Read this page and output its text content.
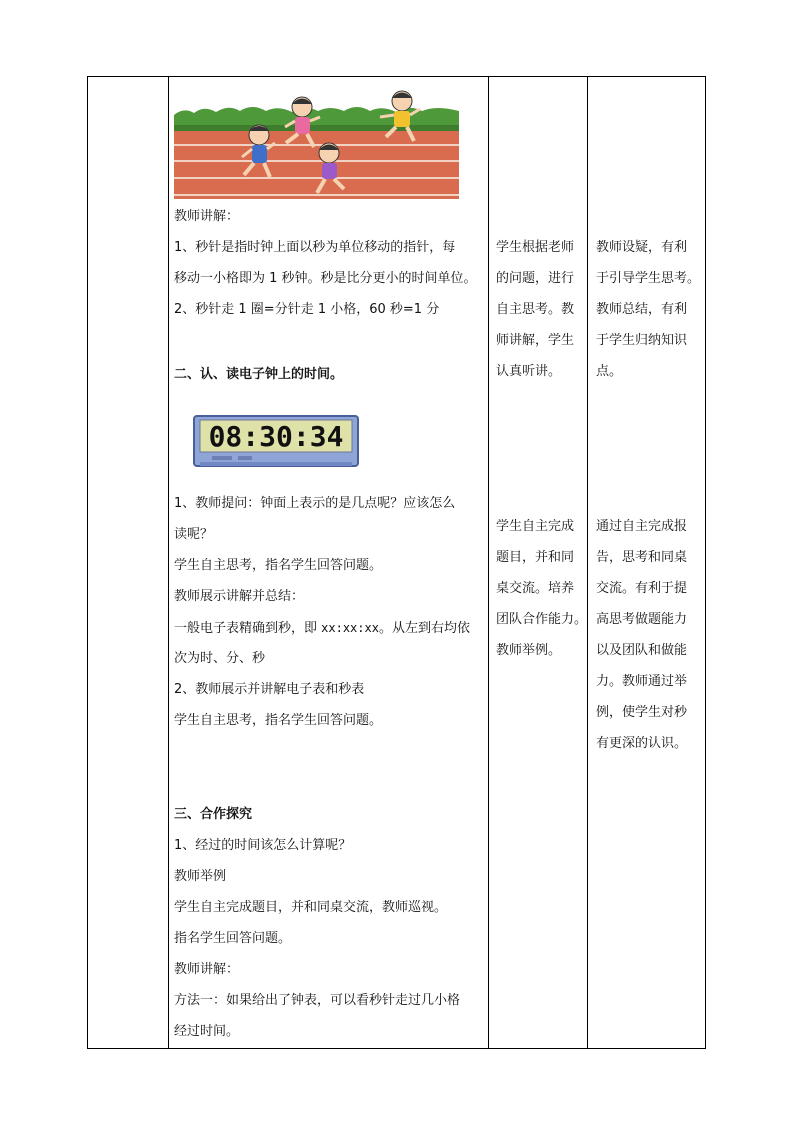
教师讲解：
1、秒针是指时钟上面以秒为单位移动的指针，每
移动一小格即为 1 秒钟。秒是比分更小的时间单位。
2、秒针走 1 圈=分针走 1 小格，60 秒=1 分
二、认、读电子钟上的时间。
08:30:34
1、教师提问：钟面上表示的是几点呢？应该怎么
读呢？
学生自主思考，指名学生回答问题。
教师展示讲解并总结：
一般电子表精确到秒，即 xx:xx:xx。从左到右均依
次为时、分、秒
2、教师展示并讲解电子表和秒表
学生自主思考，指名学生回答问题。
三、合作探究
1、经过的时间该怎么计算呢？
教师举例
学生自主完成题目，并和同桌交流，教师巡视。
指名学生回答问题。
教师讲解：
方法一：如果给出了钟表，可以看秒针走过几小格
经过时间。
学生根据老师
的问题，进行
自主思考。教
师讲解，学生
认真听讲。
学生自主完成
题目，并和同
桌交流。培养
团队合作能力。
教师举例。
教师设疑，有利
于引导学生思考。
教师总结，有利
于学生归纳知识
点。
通过自主完成报
告，思考和同桌
交流。有利于提
高思考做题能力
以及团队和做能
力。教师通过举
例，使学生对秒
有更深的认识。
